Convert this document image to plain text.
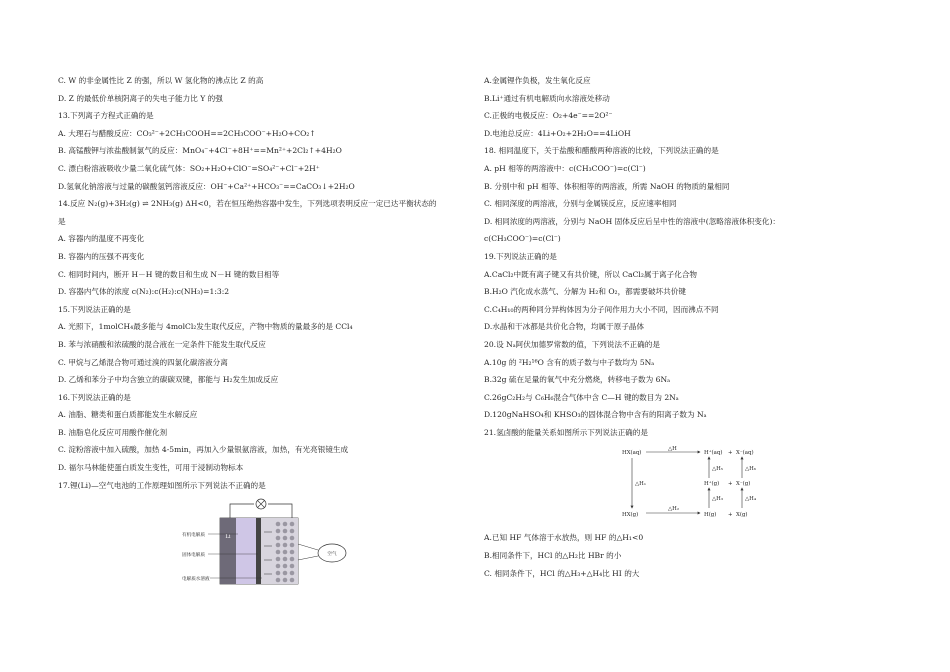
C. W 的非金属性比 Z 的强，所以 W 氢化物的沸点比 Z 的高
D. Z 的最低价单核阴离子的失电子能力比 Y 的强
13.下列离子方程式正确的是
A. 大理石与醋酸反应：CO₃²⁻+2CH₃COOH==2CH₃COO⁻+H₂O+CO₂↑
B. 高锰酸钾与浓盐酸制氯气的反应：MnO₄⁻+4Cl⁻+8H⁺==Mn²⁺+2Cl₂↑+4H₂O
C. 漂白粉溶液吸收少量二氧化硫气体：SO₂+H₂O+ClO⁻=SO₄²⁻+Cl⁻+2H⁺
D.氢氧化钠溶液与过量的碳酸氢钙溶液反应：OH⁻+Ca²⁺+HCO₃⁻==CaCO₃↓+2H₂O
14.反应 N₂(g)+3H₂(g) ⇌ 2NH₃(g) ΔH<0，若在恒压绝热容器中发生，下列选项表明反应一定已达平衡状态的
是
A. 容器内的温度不再变化
B. 容器内的压强不再变化
C. 相同时间内，断开 H－H 键的数目和生成 N－H 键的数目相等
D. 容器内气体的浓度 c(N₂):c(H₂):c(NH₃)=1:3:2
15.下列说法正确的是
A. 光照下，1molCH₄最多能与 4molCl₂发生取代反应，产物中物质的量最多的是 CCl₄
B. 苯与浓硝酸和浓硫酸的混合液在一定条件下能发生取代反应
C. 甲烷与乙烯混合物可通过溴的四氯化碳溶液分离
D. 乙烯和苯分子中均含独立的碳碳双键，都能与 H₂发生加成反应
16.下列说法正确的是
A. 油脂、糖类和蛋白质都能发生水解反应
B. 油脂皂化反应可用酸作催化剂
C. 淀粉溶液中加入硫酸，加热 4-5min，再加入少量银氨溶液，加热，有光亮银镜生成
D. 福尔马林能使蛋白质发生变性，可用于浸制动物标本
17.锂(Li)—空气电池的工作原理如图所示下列说法不正确的是
A.金属锂作负极，发生氧化反应
B.Li⁺通过有机电解质向水溶液处移动
C.正极的电极反应：O₂+4e⁻==2O²⁻
D.电池总反应：4Li+O₂+2H₂O==4LiOH
18. 相同温度下，关于盐酸和醋酸两种溶液的比较，下列说法正确的是
A. pH 相等的两溶液中：c(CH₃COO⁻)=c(Cl⁻)
B. 分别中和 pH 相等、体积相等的两溶液，所需 NaOH 的物质的量相同
C. 相同深度的两溶液，分别与金属镁反应，反应速率相同
D. 相同浓度的两溶液，分别与 NaOH 固体反应后呈中性的溶液中(忽略溶液体积变化)：
c(CH₃COO⁻)=c(Cl⁻)
19.下列说法正确的是
A.CaCl₂中既有离子键又有共价键，所以 CaCl₂属于离子化合物
B.H₂O 汽化成水蒸气、分解为 H₂和 O₂，都需要破坏共价键
C.C₄H₁₀的两种同分异构体因为分子间作用力大小不同，因而沸点不同
D.水晶和干冰都是共价化合物，均属于原子晶体
20.设 Nₐ阿伏加德罗常数的值，下列说法不正确的是
A.10g 的 ²H₂¹⁶O 含有的质子数与中子数均为 5Nₐ
B.32g 硫在足量的氧气中充分燃烧，转移电子数为 6Nₐ
C.26gC₂H₂与 C₆H₆混合气体中含 C—H 键的数目为 2Nₐ
D.120gNaHSO₄和 KHSO₃的固体混合物中含有的阳离子数为 Nₐ
21.氢卤酸的能量关系如图所示下列说法正确的是
A.已知 HF 气体溶于水放热，则 HF 的△H₁<0
B.相同条件下，HCl 的△H₂比 HBr 的小
C. 相同条件下，HCl 的△H₃+△H₄比 HI 的大
Li
有机电解质
固体电解质
电解质水溶液
空气
HX(aq)	H⁺(aq) + X⁻(aq)
H⁺(g) + X⁻(g)
HX(g)	H(g) + X(g)
△H
△H₁
△H₂
△H₃	△H₄
△H₅	△H₆
